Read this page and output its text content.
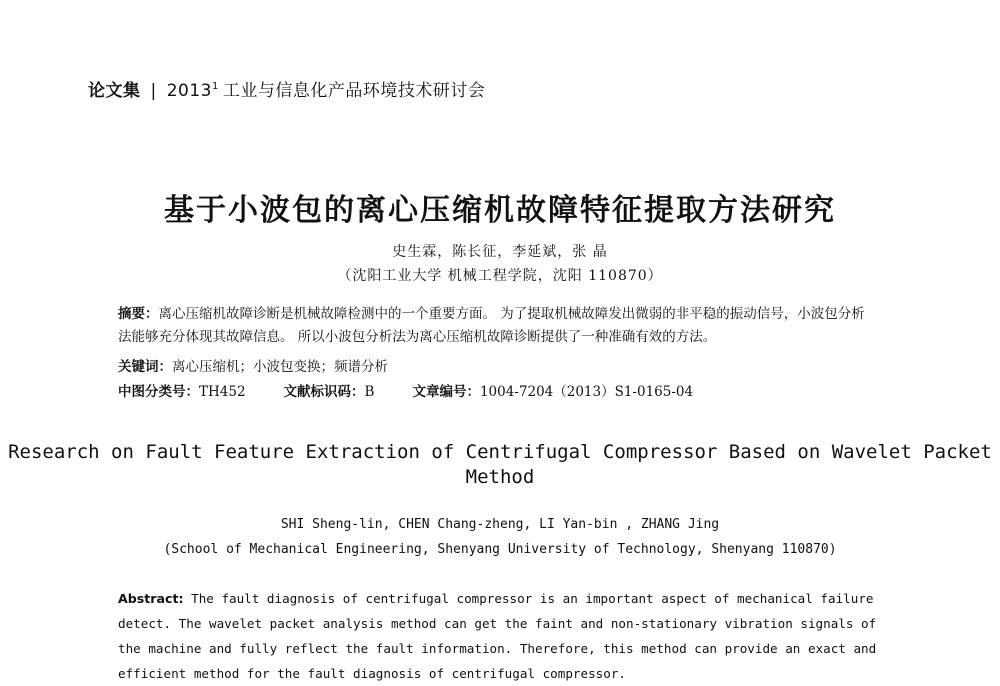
论文集 | 2013$^1$ 工业与信息化产品环境技术研讨会
基于小波包的离心压缩机故障特征提取方法研究
史生霖，陈长征，李延斌，张 晶
（沈阳工业大学 机械工程学院，沈阳 110870）
摘要：离心压缩机故障诊断是机械故障检测中的一个重要方面。 为了提取机械故障发出微弱的非平稳的振动信号，小波包分析法能够充分体现其故障信息。 所以小波包分析法为离心压缩机故障诊断提供了一种准确有效的方法。
关键词：离心压缩机；小波包变换；频谱分析
中图分类号：TH452	文献标识码：B	文章编号：1004-7204（2013）S1-0165-04
Research on Fault Feature Extraction of Centrifugal Compressor Based on Wavelet Packet Method
SHI Sheng-lin, CHEN Chang-zheng, LI Yan-bin , ZHANG Jing
(School of Mechanical Engineering, Shenyang University of Technology, Shenyang 110870)
Abstract: The fault diagnosis of centrifugal compressor is an important aspect of mechanical failure detect. The wavelet packet analysis method can get the faint and non-stationary vibration signals of the machine and fully reflect the fault information. Therefore, this method can provide an exact and efficient method for the fault diagnosis of centrifugal compressor.
